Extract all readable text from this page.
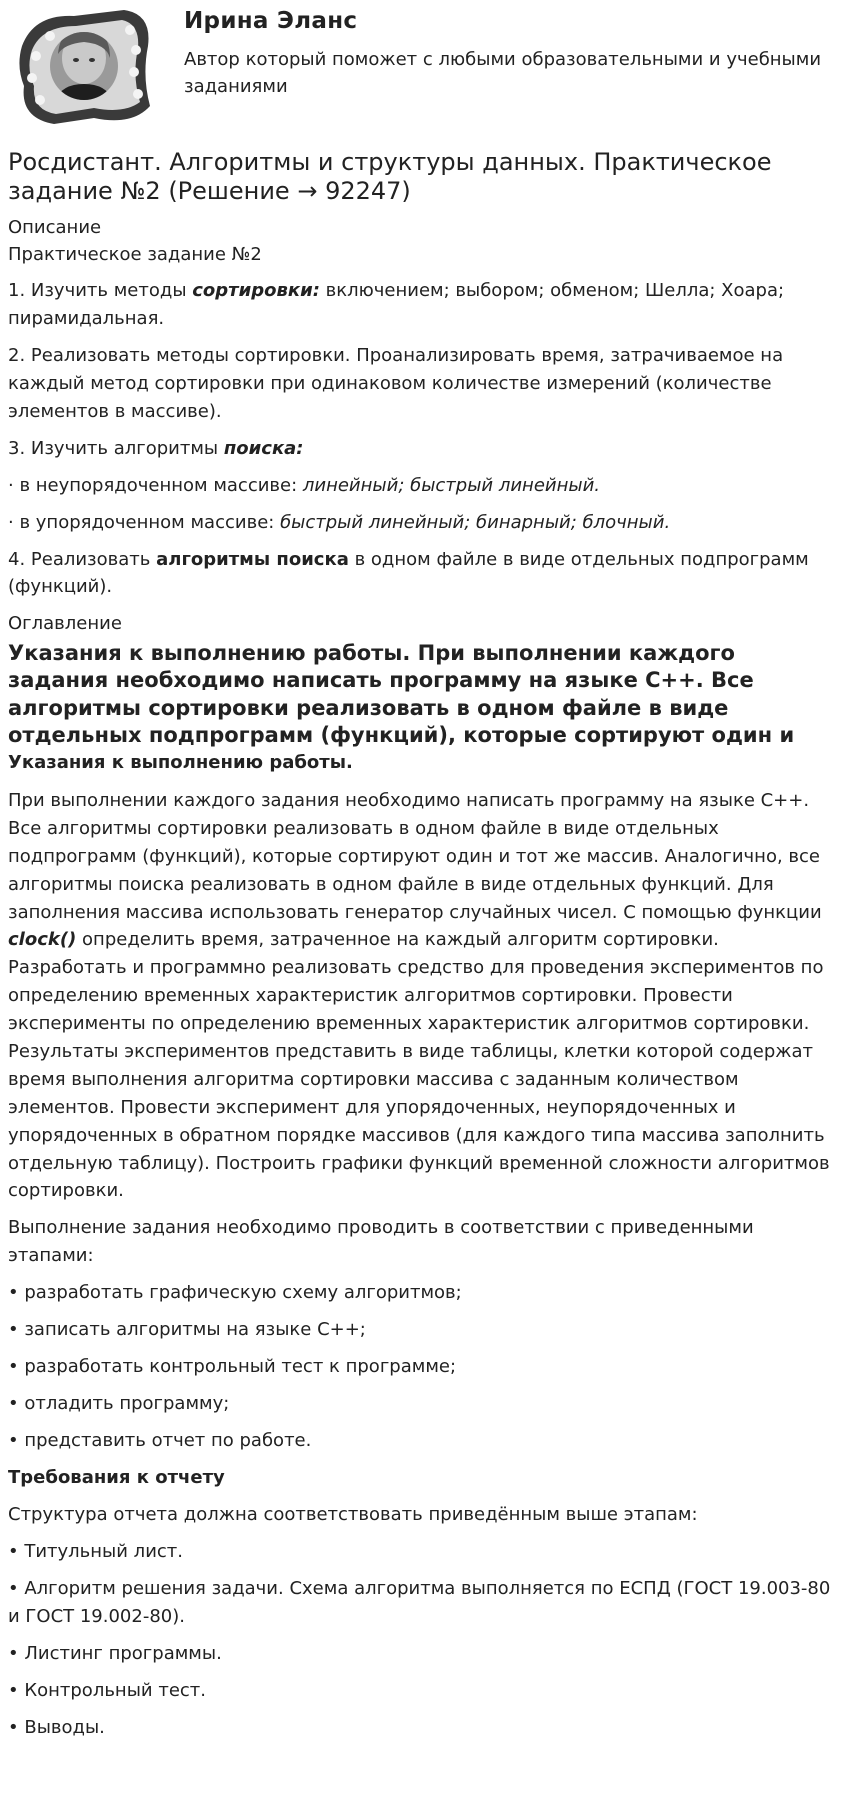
Ирина Эланс
Автор который поможет с любыми образовательными и учебными заданиями
Росдистант. Алгоритмы и структуры данных. Практическое задание №2 (Решение → 92247)
Описание
Практическое задание №2

1. Изучить методы сортировки: включением; выбором; обменом; Шелла; Хоара; пирамидальная.

2. Реализовать методы сортировки. Проанализировать время, затрачиваемое на каждый метод сортировки при одинаковом количестве измерений (количестве элементов в массиве).

3. Изучить алгоритмы поиска:

· в неупорядоченном массиве: линейный; быстрый линейный.

· в упорядоченном массиве: быстрый линейный; бинарный; блочный.

4. Реализовать алгоритмы поиска в одном файле в виде отдельных подпрограмм (функций).

Оглавление
Указания к выполнению работы. При выполнении каждого задания необходимо написать программу на языке C++. Все алгоритмы сортировки реализовать в одном файле в виде отдельных подпрограмм (функций), которые сортируют один и
Указания к выполнению работы.

При выполнении каждого задания необходимо написать программу на языке C++. Все алгоритмы сортировки реализовать в одном файле в виде отдельных подпрограмм (функций), которые сортируют один и тот же массив. Аналогично, все алгоритмы поиска реализовать в одном файле в виде отдельных функций. Для заполнения массива использовать генератор случайных чисел. С помощью функции clock() определить время, затраченное на каждый алгоритм сортировки. Разработать и программно реализовать средство для проведения экспериментов по определению временных характеристик алгоритмов сортировки. Провести эксперименты по определению временных характеристик алгоритмов сортировки. Результаты экспериментов представить в виде таблицы, клетки которой содержат время выполнения алгоритма сортировки массива с заданным количеством элементов. Провести эксперимент для упорядоченных, неупорядоченных и упорядоченных в обратном порядке массивов (для каждого типа массива заполнить отдельную таблицу). Построить графики функций временной сложности алгоритмов сортировки.

Выполнение задания необходимо проводить в соответствии с приведенными этапами:

• разработать графическую схему алгоритмов;

• записать алгоритмы на языке C++;

• разработать контрольный тест к программе;

• отладить программу;

• представить отчет по работе.

Требования к отчету

Структура отчета должна соответствовать приведённым выше этапам:

• Титульный лист.

• Алгоритм решения задачи. Схема алгоритма выполняется по ЕСПД (ГОСТ 19.003-80 и ГОСТ 19.002-80).

• Листинг программы.

• Контрольный тест.

• Выводы.
